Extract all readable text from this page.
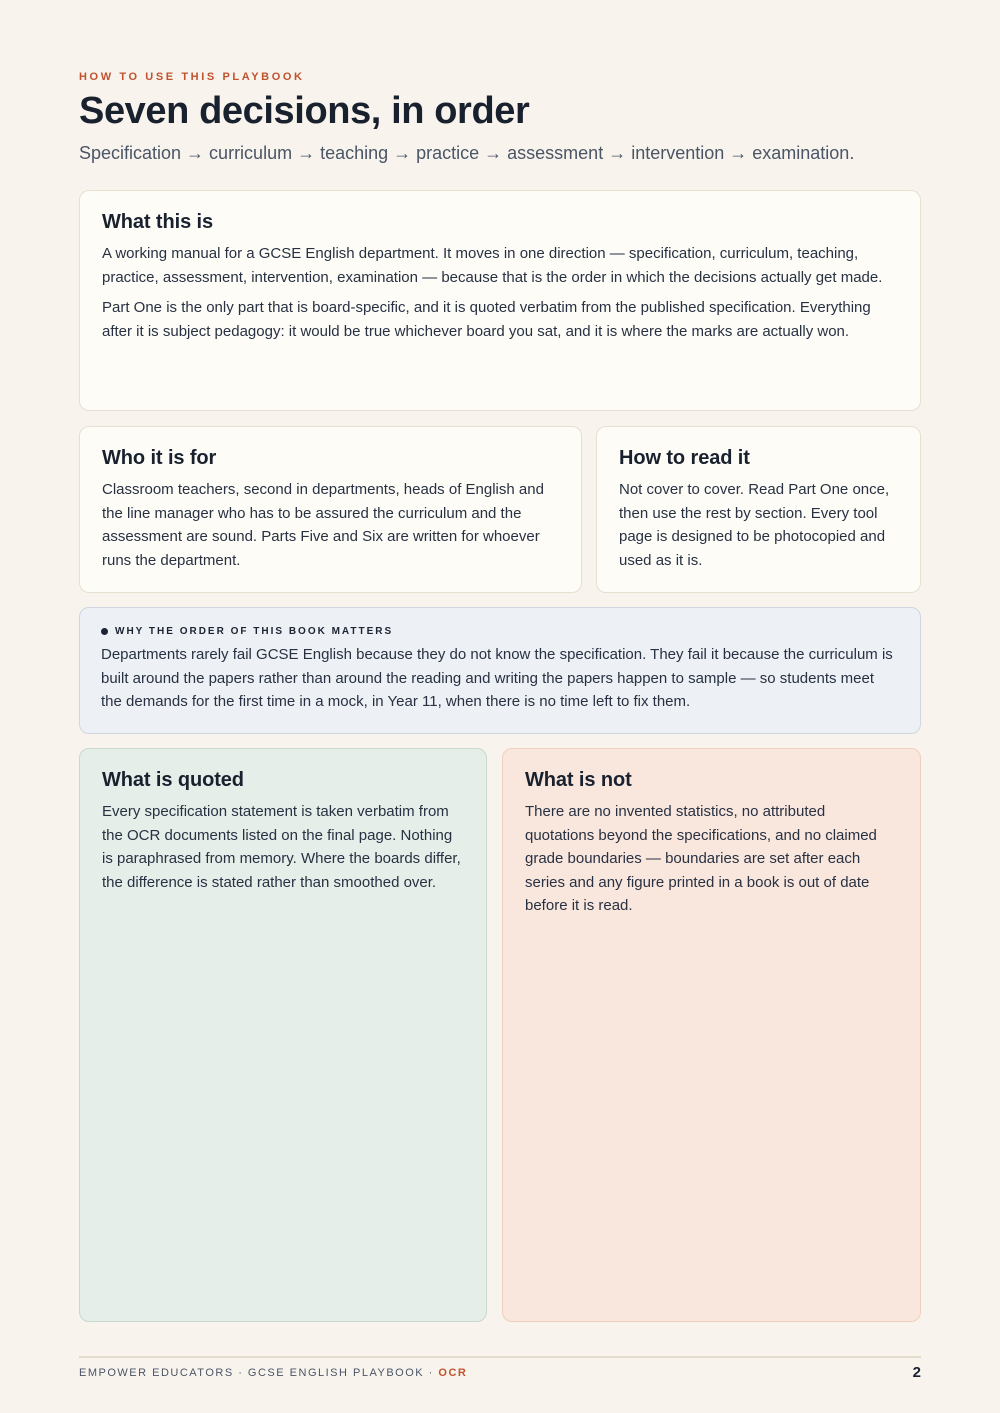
HOW TO USE THIS PLAYBOOK
Seven decisions, in order
Specification → curriculum → teaching → practice → assessment → intervention → examination.
What this is

A working manual for a GCSE English department. It moves in one direction — specification, curriculum, teaching, practice, assessment, intervention, examination — because that is the order in which the decisions actually get made.

Part One is the only part that is board-specific, and it is quoted verbatim from the published specification. Everything after it is subject pedagogy: it would be true whichever board you sat, and it is where the marks are actually won.

Who it is for

Classroom teachers, second in departments, heads of English and the line manager who has to be assured the curriculum and the assessment are sound. Parts Five and Six are written for whoever runs the department.

How to read it

Not cover to cover. Read Part One once, then use the rest by section. Every tool page is designed to be photocopied and used as it is.

WHY THE ORDER OF THIS BOOK MATTERS

Departments rarely fail GCSE English because they do not know the specification. They fail it because the curriculum is built around the papers rather than around the reading and writing the papers happen to sample — so students meet the demands for the first time in a mock, in Year 11, when there is no time left to fix them.

What is quoted

Every specification statement is taken verbatim from the OCR documents listed on the final page. Nothing is paraphrased from memory. Where the boards differ, the difference is stated rather than smoothed over.

What is not

There are no invented statistics, no attributed quotations beyond the specifications, and no claimed grade boundaries — boundaries are set after each series and any figure printed in a book is out of date before it is read.

EMPOWER EDUCATORS · GCSE ENGLISH PLAYBOOK · OCR	2
